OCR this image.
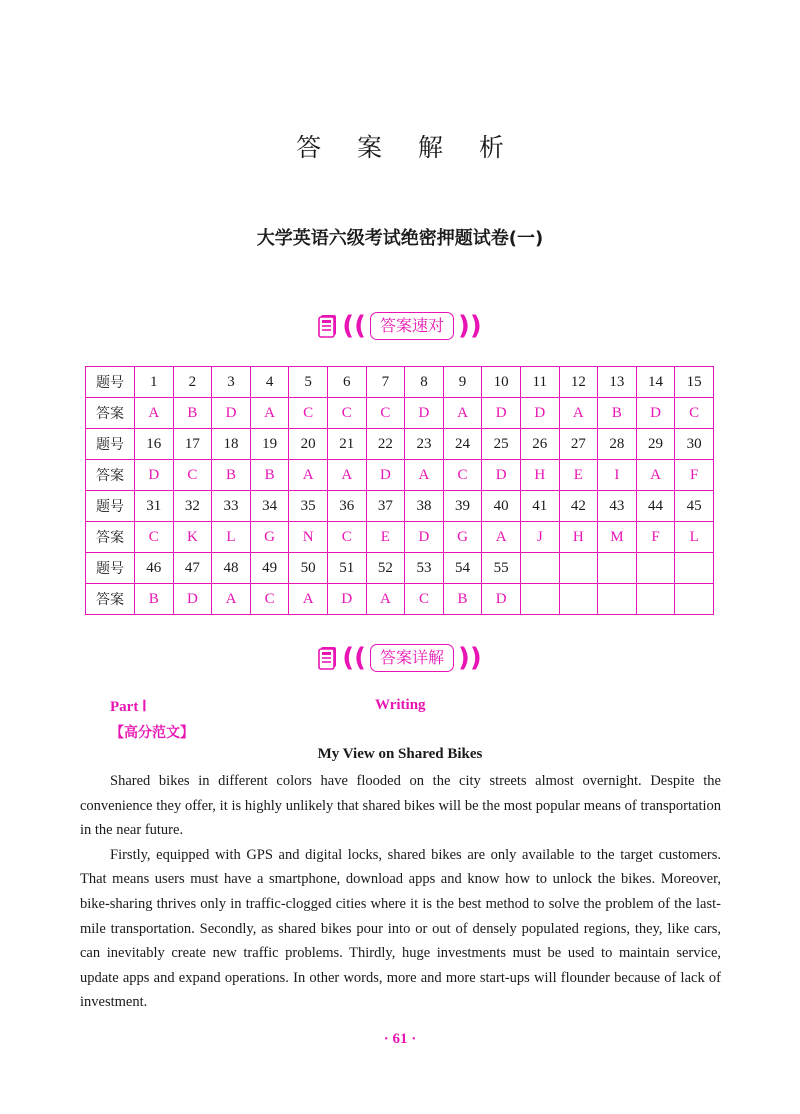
答 案 解 析
大学英语六级考试绝密押题试卷(一)
(( 答案速对 ))
题号	1	2	3	4	5	6	7	8	9	10	11	12	13	14	15
答案	A	B	D	A	C	C	C	D	A	D	D	A	B	D	C
题号	16	17	18	19	20	21	22	23	24	25	26	27	28	29	30
答案	D	C	B	B	A	A	D	A	C	D	H	E	I	A	F
题号	31	32	33	34	35	36	37	38	39	40	41	42	43	44	45
答案	C	K	L	G	N	C	E	D	G	A	J	H	M	F	L
题号	46	47	48	49	50	51	52	53	54	55					
答案	B	D	A	C	A	D	A	C	B	D					
(( 答案详解 ))
Part Ⅰ	Writing
【高分范文】
My View on Shared Bikes

Shared bikes in different colors have flooded on the city streets almost overnight. Despite the convenience they offer, it is highly unlikely that shared bikes will be the most popular means of transportation in the near future.

Firstly, equipped with GPS and digital locks, shared bikes are only available to the target customers. That means users must have a smartphone, download apps and know how to unlock the bikes. Moreover, bike-sharing thrives only in traffic-clogged cities where it is the best method to solve the problem of the last-mile transportation. Secondly, as shared bikes pour into or out of densely populated regions, they, like cars, can inevitably create new traffic problems. Thirdly, huge investments must be used to maintain service, update apps and expand operations. In other words, more and more start-ups will flounder because of lack of investment.

· 61 ·
